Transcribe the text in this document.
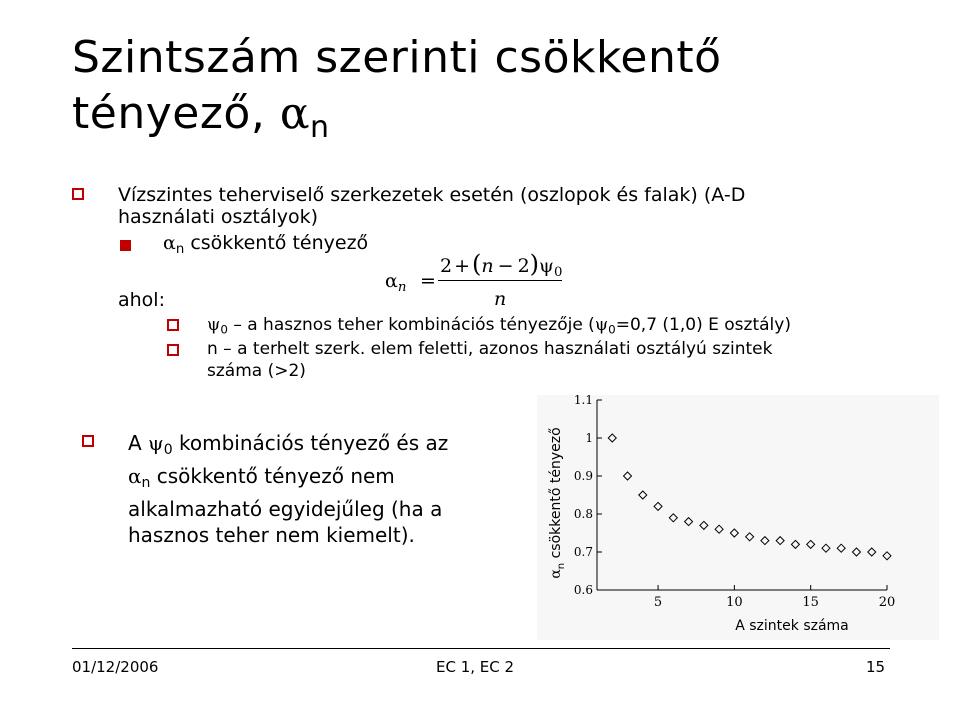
Szintszám szerinti csökkentő
tényező, $\alpha_n$
Vízszintes teherviselő szerkezetek esetén (oszlopok és falak) (A-D
használati osztályok)
$\alpha_n$ csökkentő tényező
$\alpha_n$ =
$2 +(n - 2)\psi_0$
n
ahol:
$\psi_0$ – a hasznos teher kombinációs tényezője ($\psi_0=0,7$ (1,0) E osztály)
n – a terhelt szerk. elem feletti, azonos használati osztályú szintek
száma (>2)
A $\psi_0$ kombinációs tényező és az
$\alpha_n$ csökkentő tényező nem
alkalmazható egyidejűleg (ha a
hasznos teher nem kiemelt).
1.1
1
0.9
0.8
0.7
0.6
5	10	15	20
A szintek száma
$\alpha_n$ csökkentő tényező
01/12/2006	EC 1, EC 2	15
